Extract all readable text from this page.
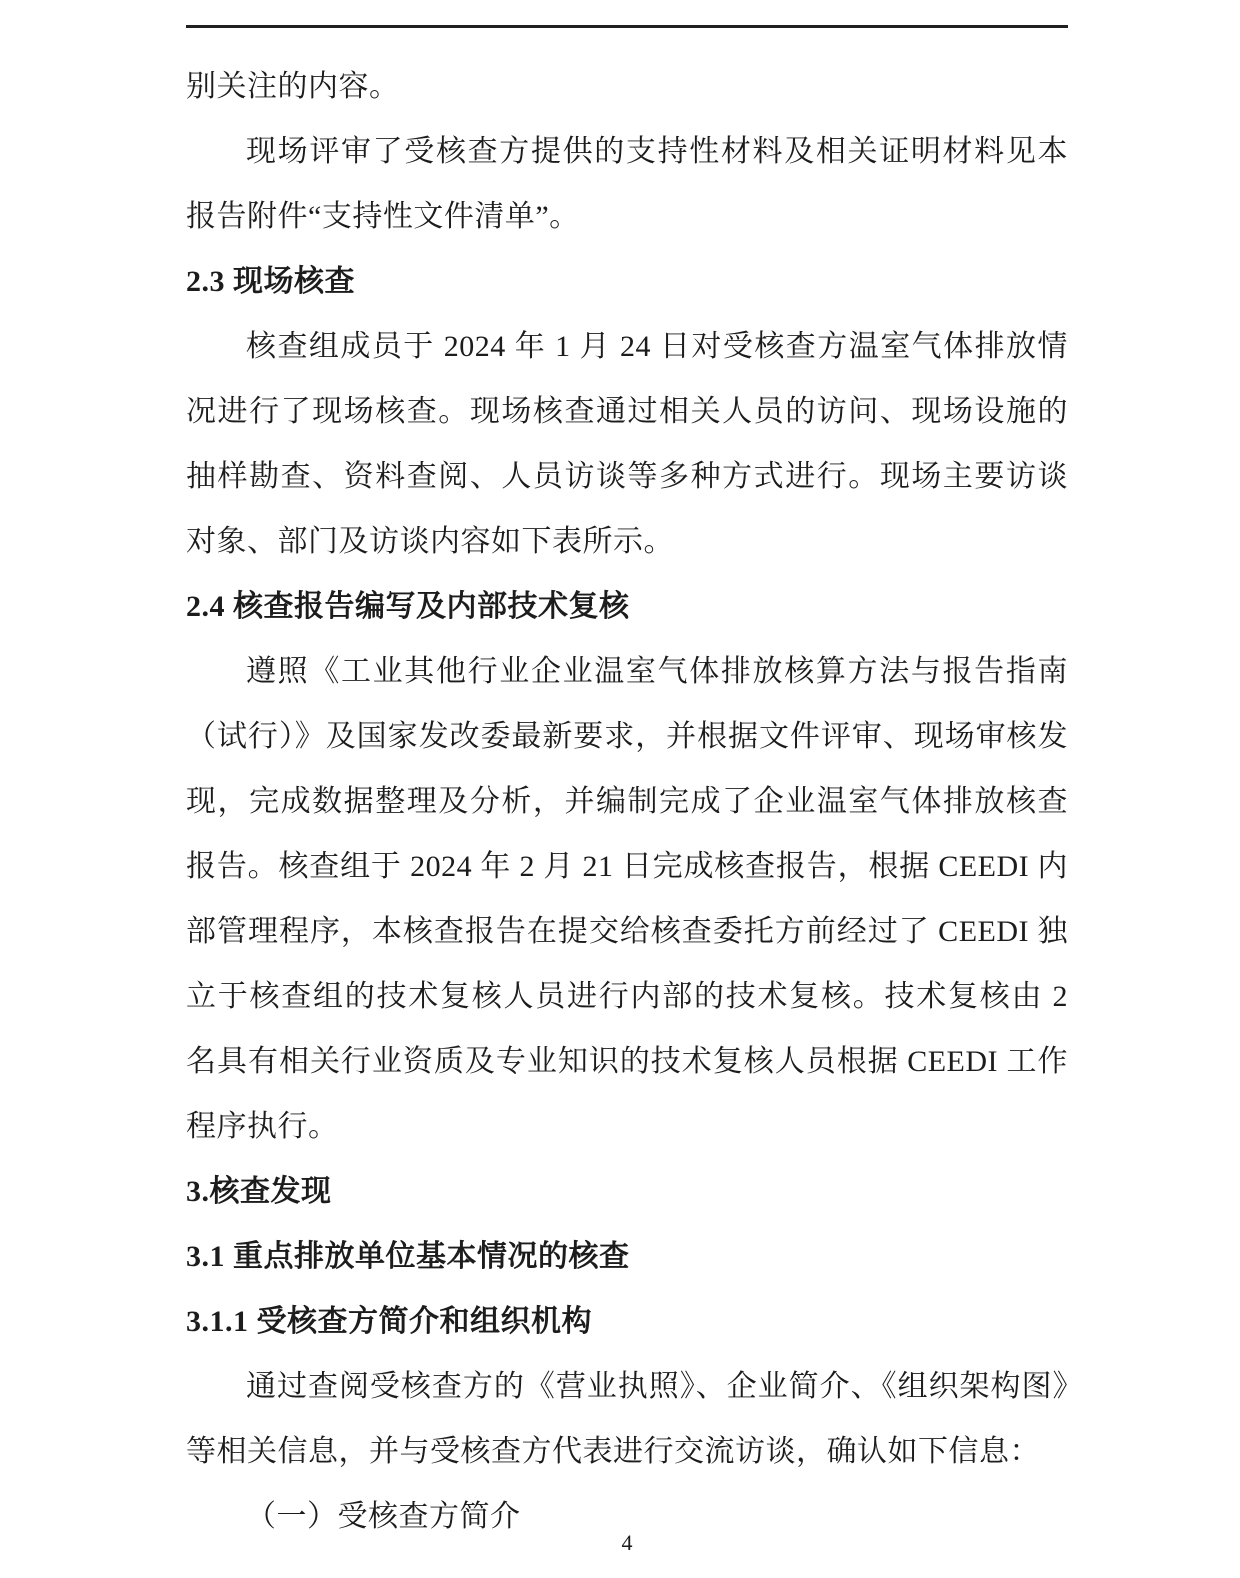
别关注的内容。

现场评审了受核查方提供的支持性材料及相关证明材料见本报告附件“支持性文件清单”。

2.3 现场核查

核查组成员于 2024 年 1 月 24 日对受核查方温室气体排放情况进行了现场核查。现场核查通过相关人员的访问、现场设施的抽样勘查、资料查阅、人员访谈等多种方式进行。现场主要访谈对象、部门及访谈内容如下表所示。

2.4 核查报告编写及内部技术复核

遵照《工业其他行业企业温室气体排放核算方法与报告指南（试行）》及国家发改委最新要求，并根据文件评审、现场审核发现，完成数据整理及分析，并编制完成了企业温室气体排放核查报告。核查组于 2024 年 2 月 21 日完成核查报告，根据 CEEDI 内部管理程序，本核查报告在提交给核查委托方前经过了 CEEDI 独立于核查组的技术复核人员进行内部的技术复核。技术复核由 2 名具有相关行业资质及专业知识的技术复核人员根据 CEEDI 工作程序执行。

3.核查发现
3.1 重点排放单位基本情况的核查
3.1.1 受核查方简介和组织机构

通过查阅受核查方的《营业执照》、企业简介、《组织架构图》等相关信息，并与受核查方代表进行交流访谈，确认如下信息：

（一）受核查方简介

4
